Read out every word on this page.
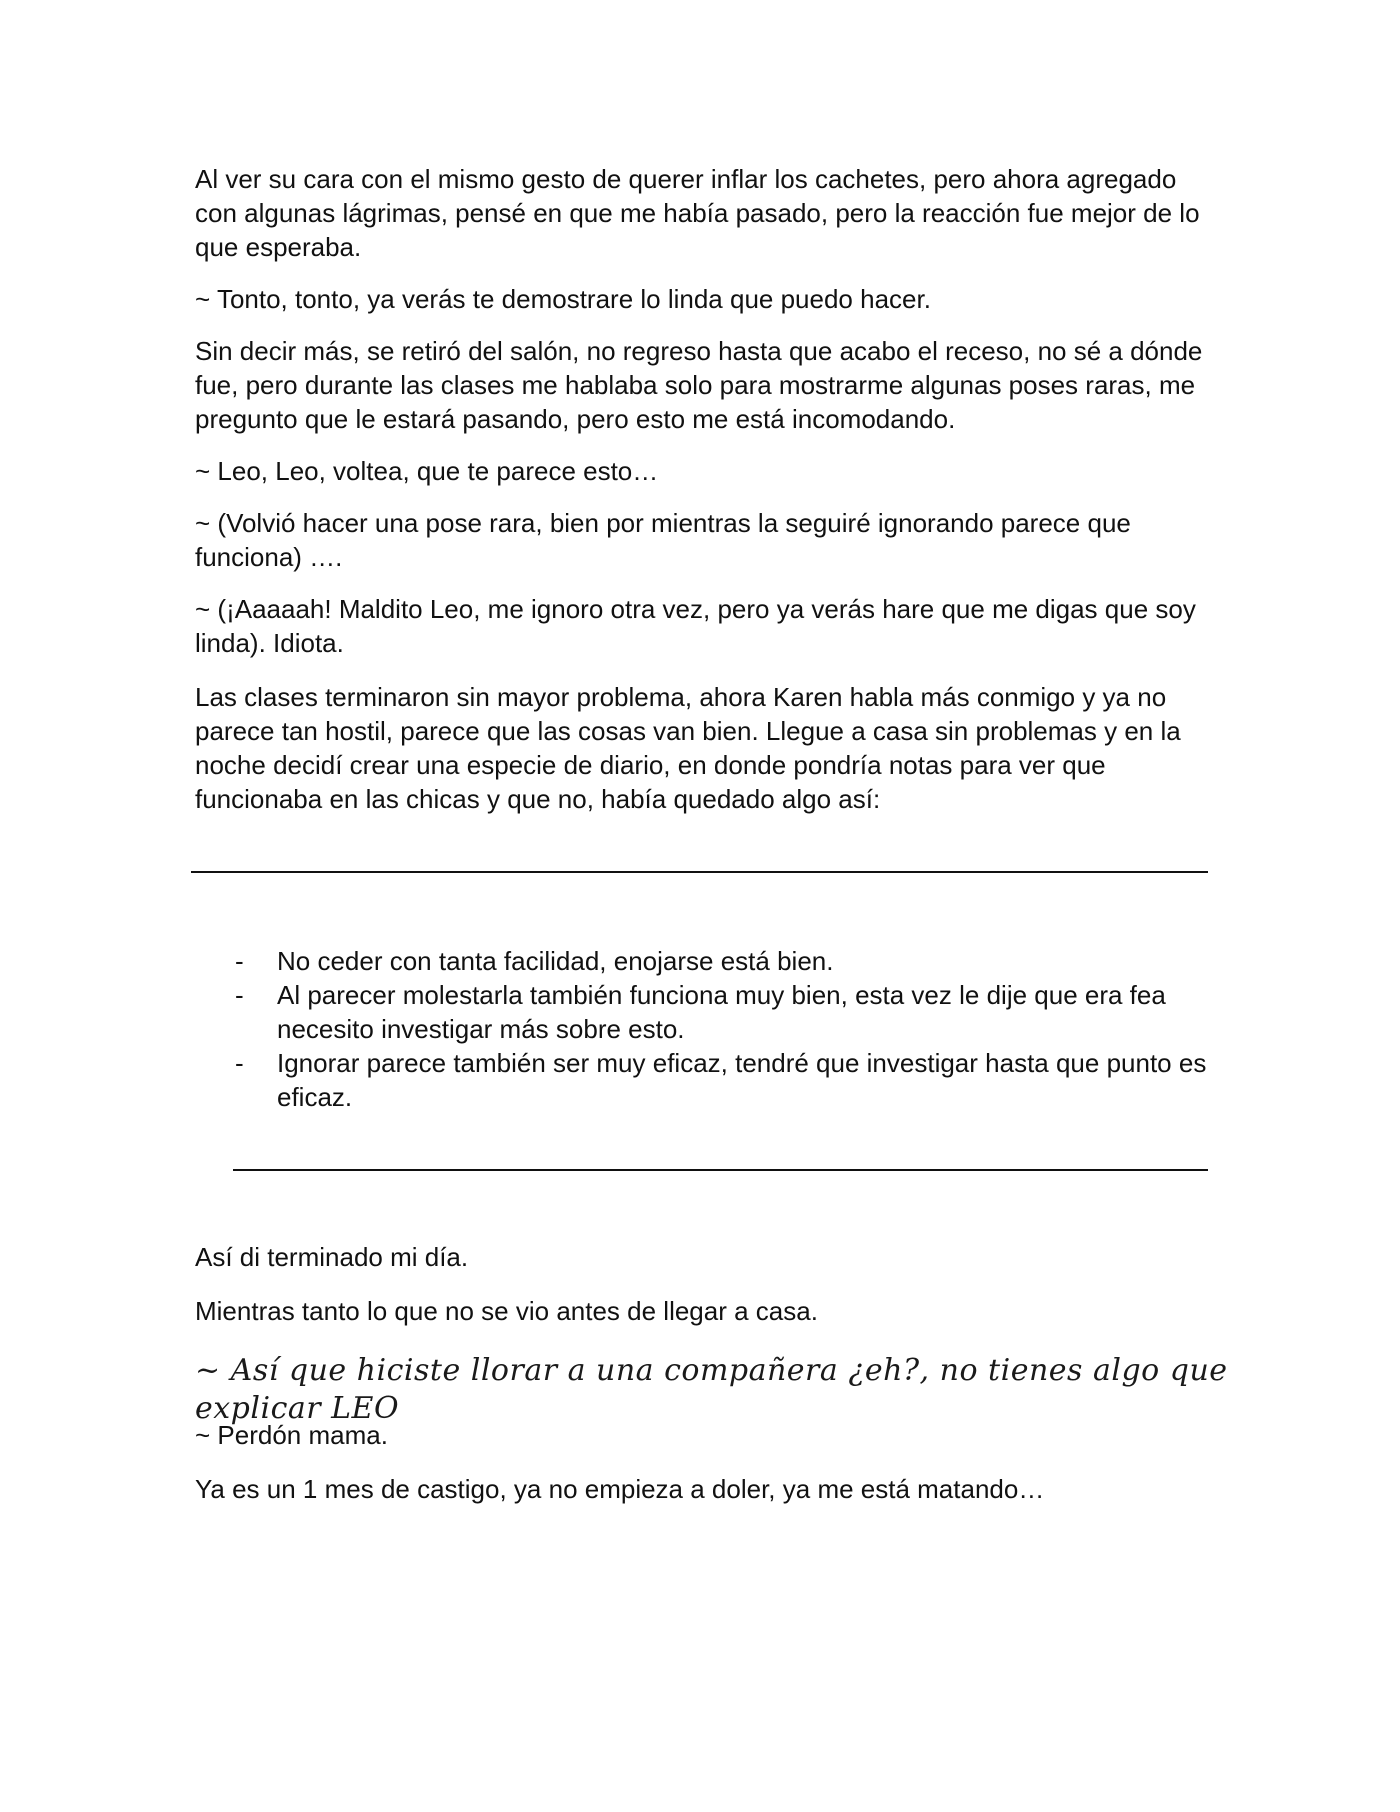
Al ver su cara con el mismo gesto de querer inflar los cachetes, pero ahora agregado con algunas lágrimas, pensé en que me había pasado, pero la reacción fue mejor de lo que esperaba.

~ Tonto, tonto, ya verás te demostrare lo linda que puedo hacer.

Sin decir más, se retiró del salón, no regreso hasta que acabo el receso, no sé a dónde fue, pero durante las clases me hablaba solo para mostrarme algunas poses raras, me pregunto que le estará pasando, pero esto me está incomodando.

~ Leo, Leo, voltea, que te parece esto…

~ (Volvió hacer una pose rara, bien por mientras la seguiré ignorando parece que funciona) ….

~ (¡Aaaaah! Maldito Leo, me ignoro otra vez, pero ya verás hare que me digas que soy linda). Idiota.

Las clases terminaron sin mayor problema, ahora Karen habla más conmigo y ya no parece tan hostil, parece que las cosas van bien. Llegue a casa sin problemas y en la noche decidí crear una especie de diario, en donde pondría notas para ver que funcionaba en las chicas y que no, había quedado algo así:

- No ceder con tanta facilidad, enojarse está bien.
- Al parecer molestarla también funciona muy bien, esta vez le dije que era fea necesito investigar más sobre esto.
- Ignorar parece también ser muy eficaz, tendré que investigar hasta que punto es eficaz.

Así di terminado mi día.

Mientras tanto lo que no se vio antes de llegar a casa.

~ Así que hiciste llorar a una compañera ¿eh?, no tienes algo que explicar LEO

~ Perdón mama.

Ya es un 1 mes de castigo, ya no empieza a doler, ya me está matando…
